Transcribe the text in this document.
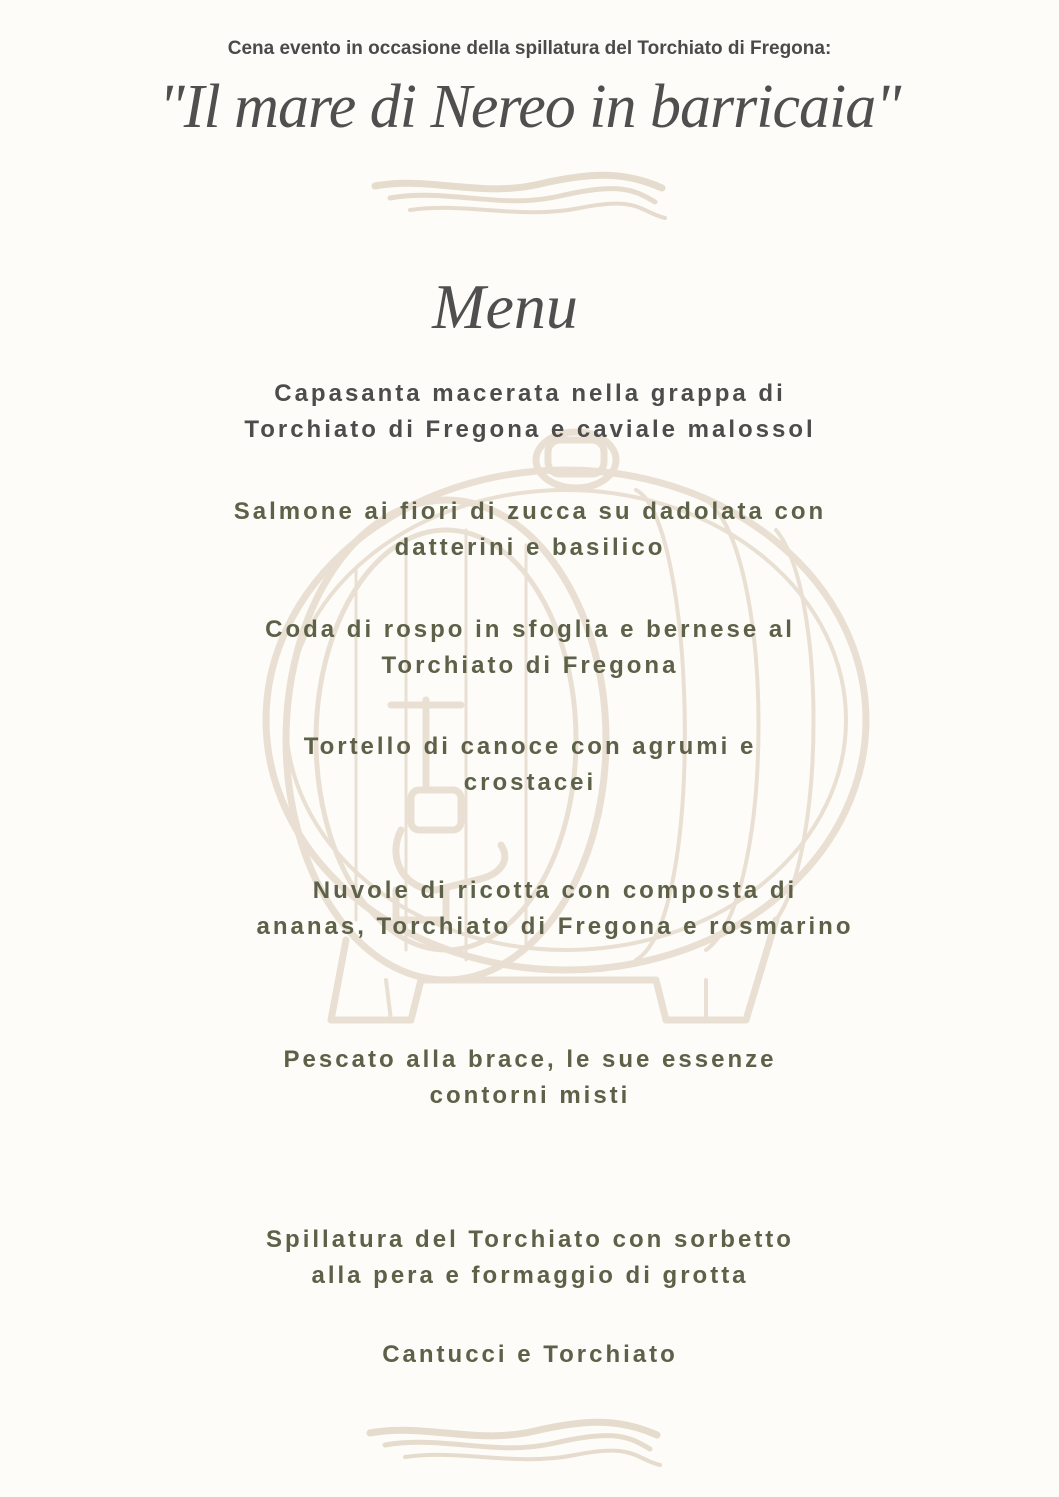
Cena evento in occasione della spillatura del Torchiato di Fregona:
"Il mare di Nereo in barricaia"
Menu
Capasanta macerata nella grappa di
Torchiato di Fregona e caviale malossol
Salmone ai fiori di zucca su dadolata con
datterini e basilico
Coda di rospo in sfoglia e bernese al
Torchiato di Fregona
Tortello di canoce con agrumi e
crostacei
Nuvole di ricotta con composta di
ananas, Torchiato di Fregona e rosmarino
Pescato alla brace, le sue essenze
contorni misti
Spillatura del Torchiato con sorbetto
alla pera e formaggio di grotta
Cantucci e Torchiato
